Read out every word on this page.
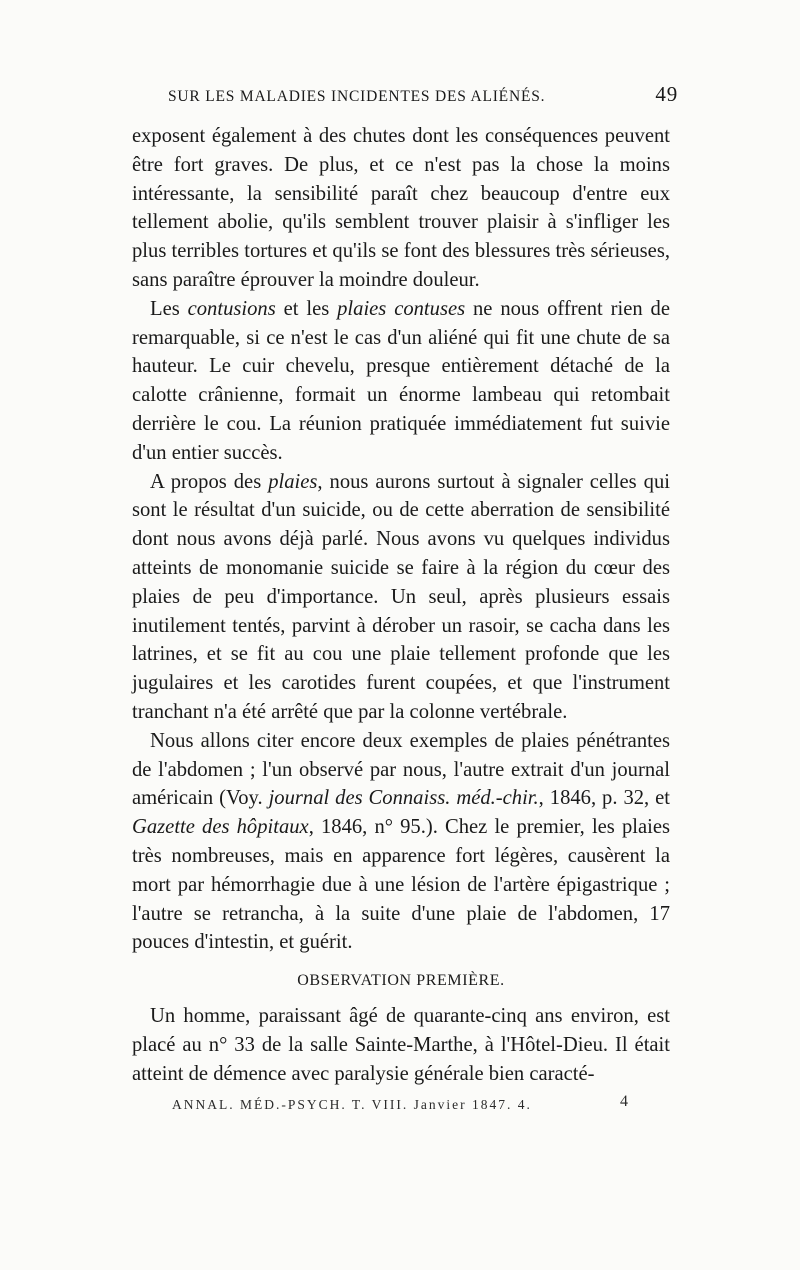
SUR LES MALADIES INCIDENTES DES ALIÉNÉS.	49

exposent également à des chutes dont les conséquences peuvent être fort graves. De plus, et ce n'est pas la chose la moins intéressante, la sensibilité paraît chez beaucoup d'entre eux tellement abolie, qu'ils semblent trouver plaisir à s'infliger les plus terribles tortures et qu'ils se font des blessures très sérieuses, sans paraître éprouver la moindre douleur.

Les contusions et les plaies contuses ne nous offrent rien de remarquable, si ce n'est le cas d'un aliéné qui fit une chute de sa hauteur. Le cuir chevelu, presque entièrement détaché de la calotte crânienne, formait un énorme lambeau qui retombait derrière le cou. La réunion pratiquée immédiatement fut suivie d'un entier succès.

A propos des plaies, nous aurons surtout à signaler celles qui sont le résultat d'un suicide, ou de cette aberration de sensibilité dont nous avons déjà parlé. Nous avons vu quelques individus atteints de monomanie suicide se faire à la région du cœur des plaies de peu d'importance. Un seul, après plusieurs essais inutilement tentés, parvint à dérober un rasoir, se cacha dans les latrines, et se fit au cou une plaie tellement profonde que les jugulaires et les carotides furent coupées, et que l'instrument tranchant n'a été arrêté que par la colonne vertébrale.

Nous allons citer encore deux exemples de plaies pénétrantes de l'abdomen ; l'un observé par nous, l'autre extrait d'un journal américain (Voy. journal des Connaiss. méd.-chir., 1846, p. 32, et Gazette des hôpitaux, 1846, n° 95.). Chez le premier, les plaies très nombreuses, mais en apparence fort légères, causèrent la mort par hémorrhagie due à une lésion de l'artère épigastrique ; l'autre se retrancha, à la suite d'une plaie de l'abdomen, 17 pouces d'intestin, et guérit.

OBSERVATION PREMIÈRE.

Un homme, paraissant âgé de quarante-cinq ans environ, est placé au n° 33 de la salle Sainte-Marthe, à l'Hôtel-Dieu. Il était atteint de démence avec paralysie générale bien caracté-

ANNAL. MÉD.-PSYCH. T. VIII. Janvier 1847. 4.	4
